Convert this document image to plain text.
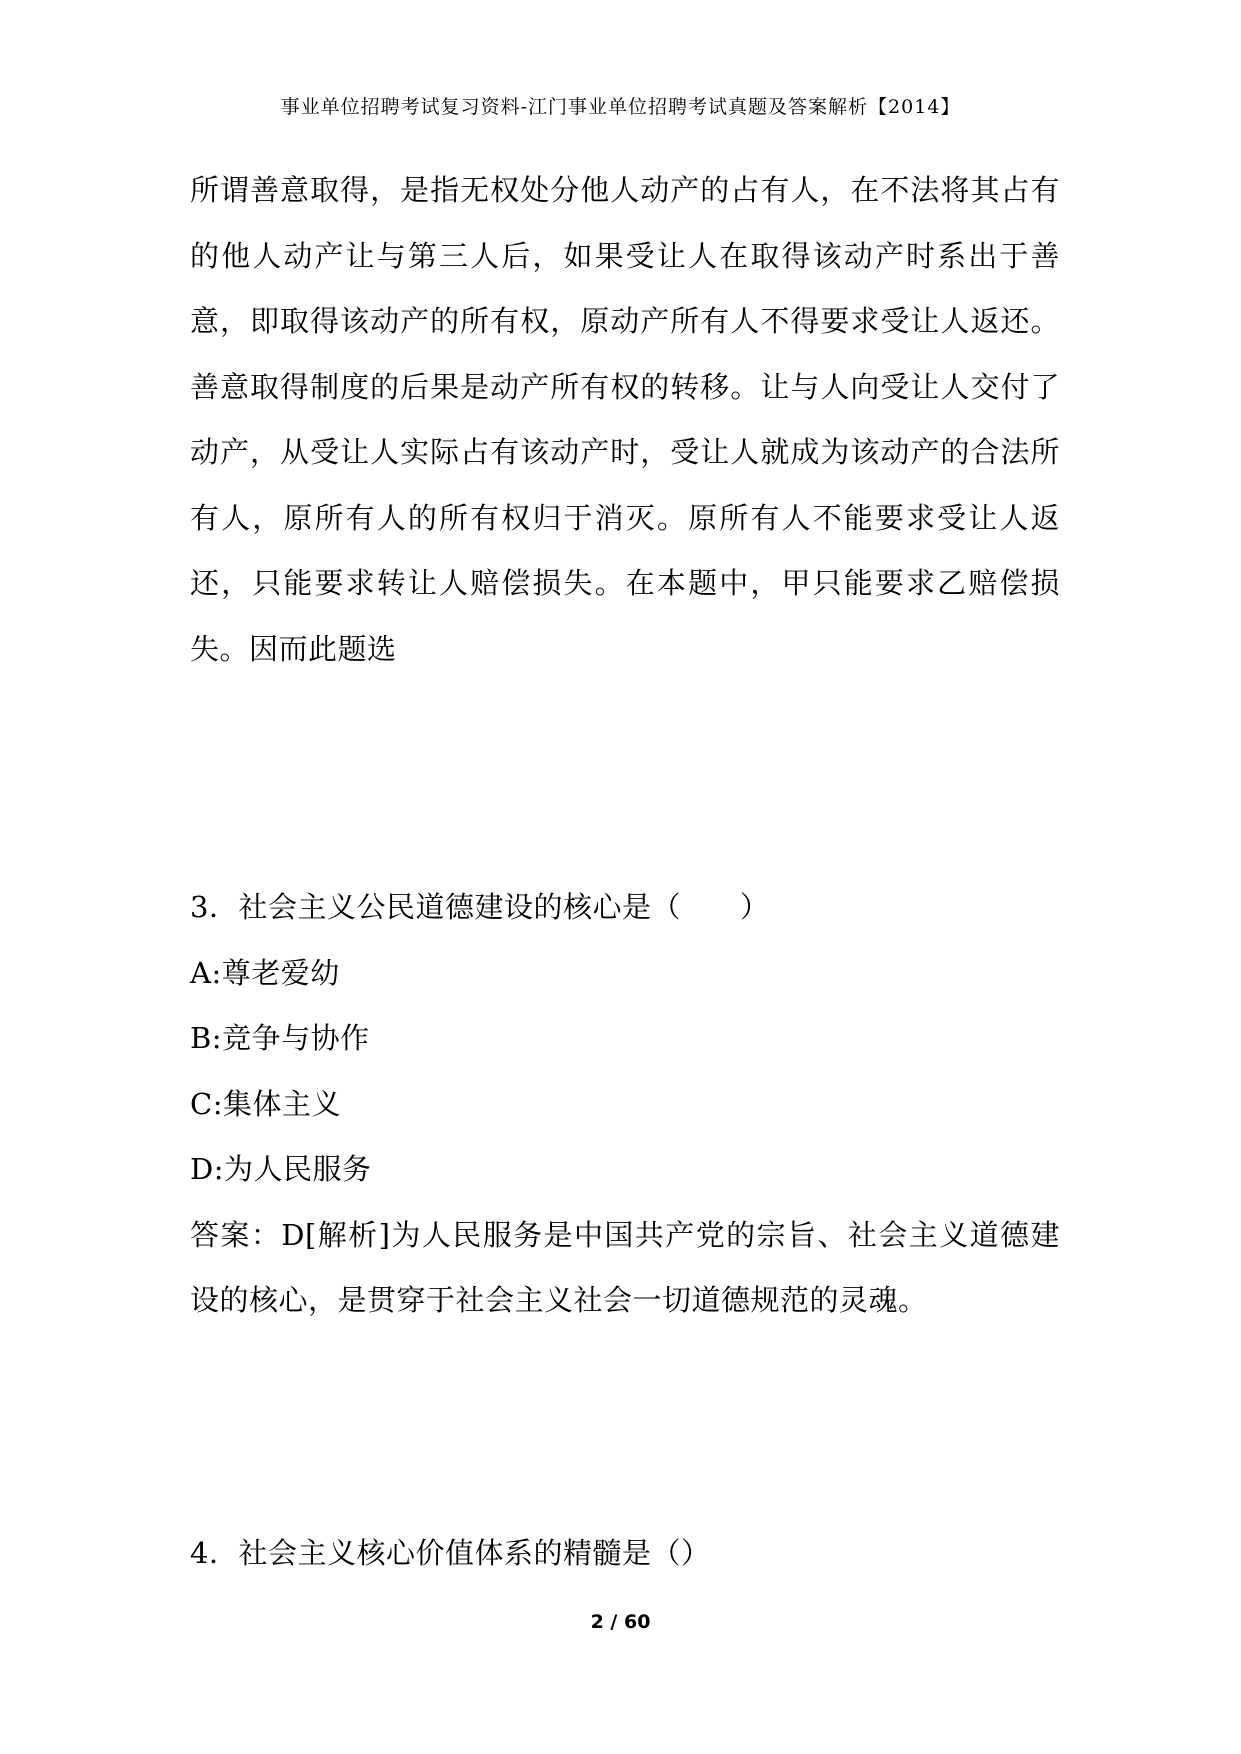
事业单位招聘考试复习资料-江门事业单位招聘考试真题及答案解析【2014】

所谓善意取得，是指无权处分他人动产的占有人，在不法将其占有的他人动产让与第三人后，如果受让人在取得该动产时系出于善意，即取得该动产的所有权，原动产所有人不得要求受让人返还。善意取得制度的后果是动产所有权的转移。让与人向受让人交付了动产，从受让人实际占有该动产时，受让人就成为该动产的合法所有人，原所有人的所有权归于消灭。原所有人不能要求受让人返还，只能要求转让人赔偿损失。在本题中，甲只能要求乙赔偿损失。因而此题选

3．社会主义公民道德建设的核心是（　　）
A:尊老爱幼
B:竞争与协作
C:集体主义
D:为人民服务
答案：D[解析]为人民服务是中国共产党的宗旨、社会主义道德建设的核心，是贯穿于社会主义社会一切道德规范的灵魂。
4．社会主义核心价值体系的精髓是（）
2 / 60
